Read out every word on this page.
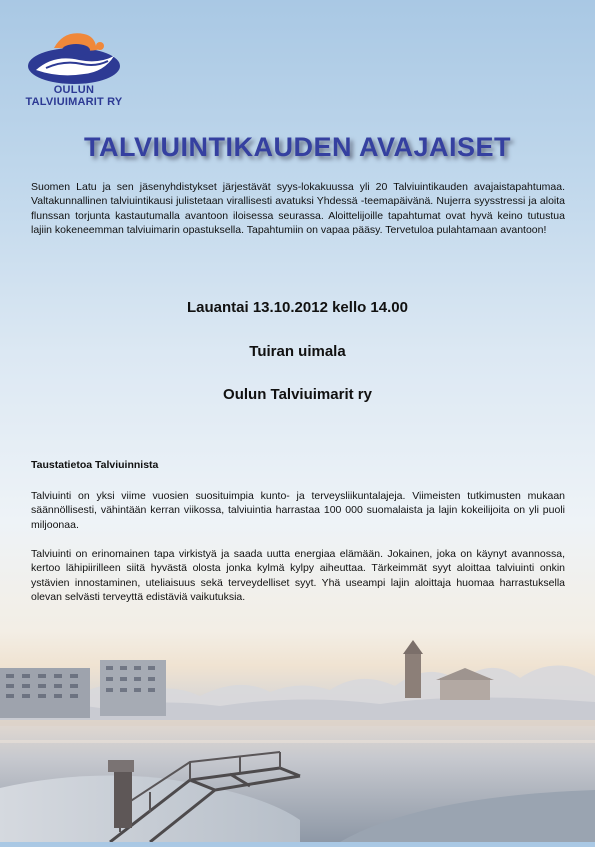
OULUN
TALVIUIMARIT RY
TALVIUINTIKAUDEN AVAJAISET

Suomen Latu ja sen jäsenyhdistykset järjestävät syys-lokakuussa yli 20 Talviuintikauden avajaistapahtumaa. Valtakunnallinen talviuintikausi julistetaan virallisesti avatuksi Yhdessä -teemapäivänä. Nujerra syysstressi ja aloita flunssan torjunta kastautumalla avantoon iloisessa seurassa. Aloittelijoille tapahtumat ovat hyvä keino tutustua lajiin kokeneemman talviuimarin opastuksella. Tapahtumiin on vapaa pääsy. Tervetuloa pulahtamaan avantoon!

Lauantai 13.10.2012 kello 14.00

Tuiran uimala

Oulun Talviuimarit ry

Taustatietoa Talviuinnista

Talviuinti on yksi viime vuosien suosituimpia kunto- ja terveysliikuntalajeja. Viimeisten tutkimusten mukaan säännöllisesti, vähintään kerran viikossa, talviuintia harrastaa 100 000 suomalaista ja lajin kokeilijoita on yli puoli miljoonaa.

Talviuinti on erinomainen tapa virkistyä ja saada uutta energiaa elämään. Jokainen, joka on käynyt avannossa, kertoo lähipiirilleen siitä hyvästä olosta jonka kylmä kylpy aiheuttaa. Tärkeimmät syyt aloittaa talviuinti onkin ystävien innostaminen, uteliaisuus sekä terveydelliset syyt. Yhä useampi lajin aloittaja huomaa harrastuksella olevan selvästi terveyttä edistäviä vaikutuksia.
